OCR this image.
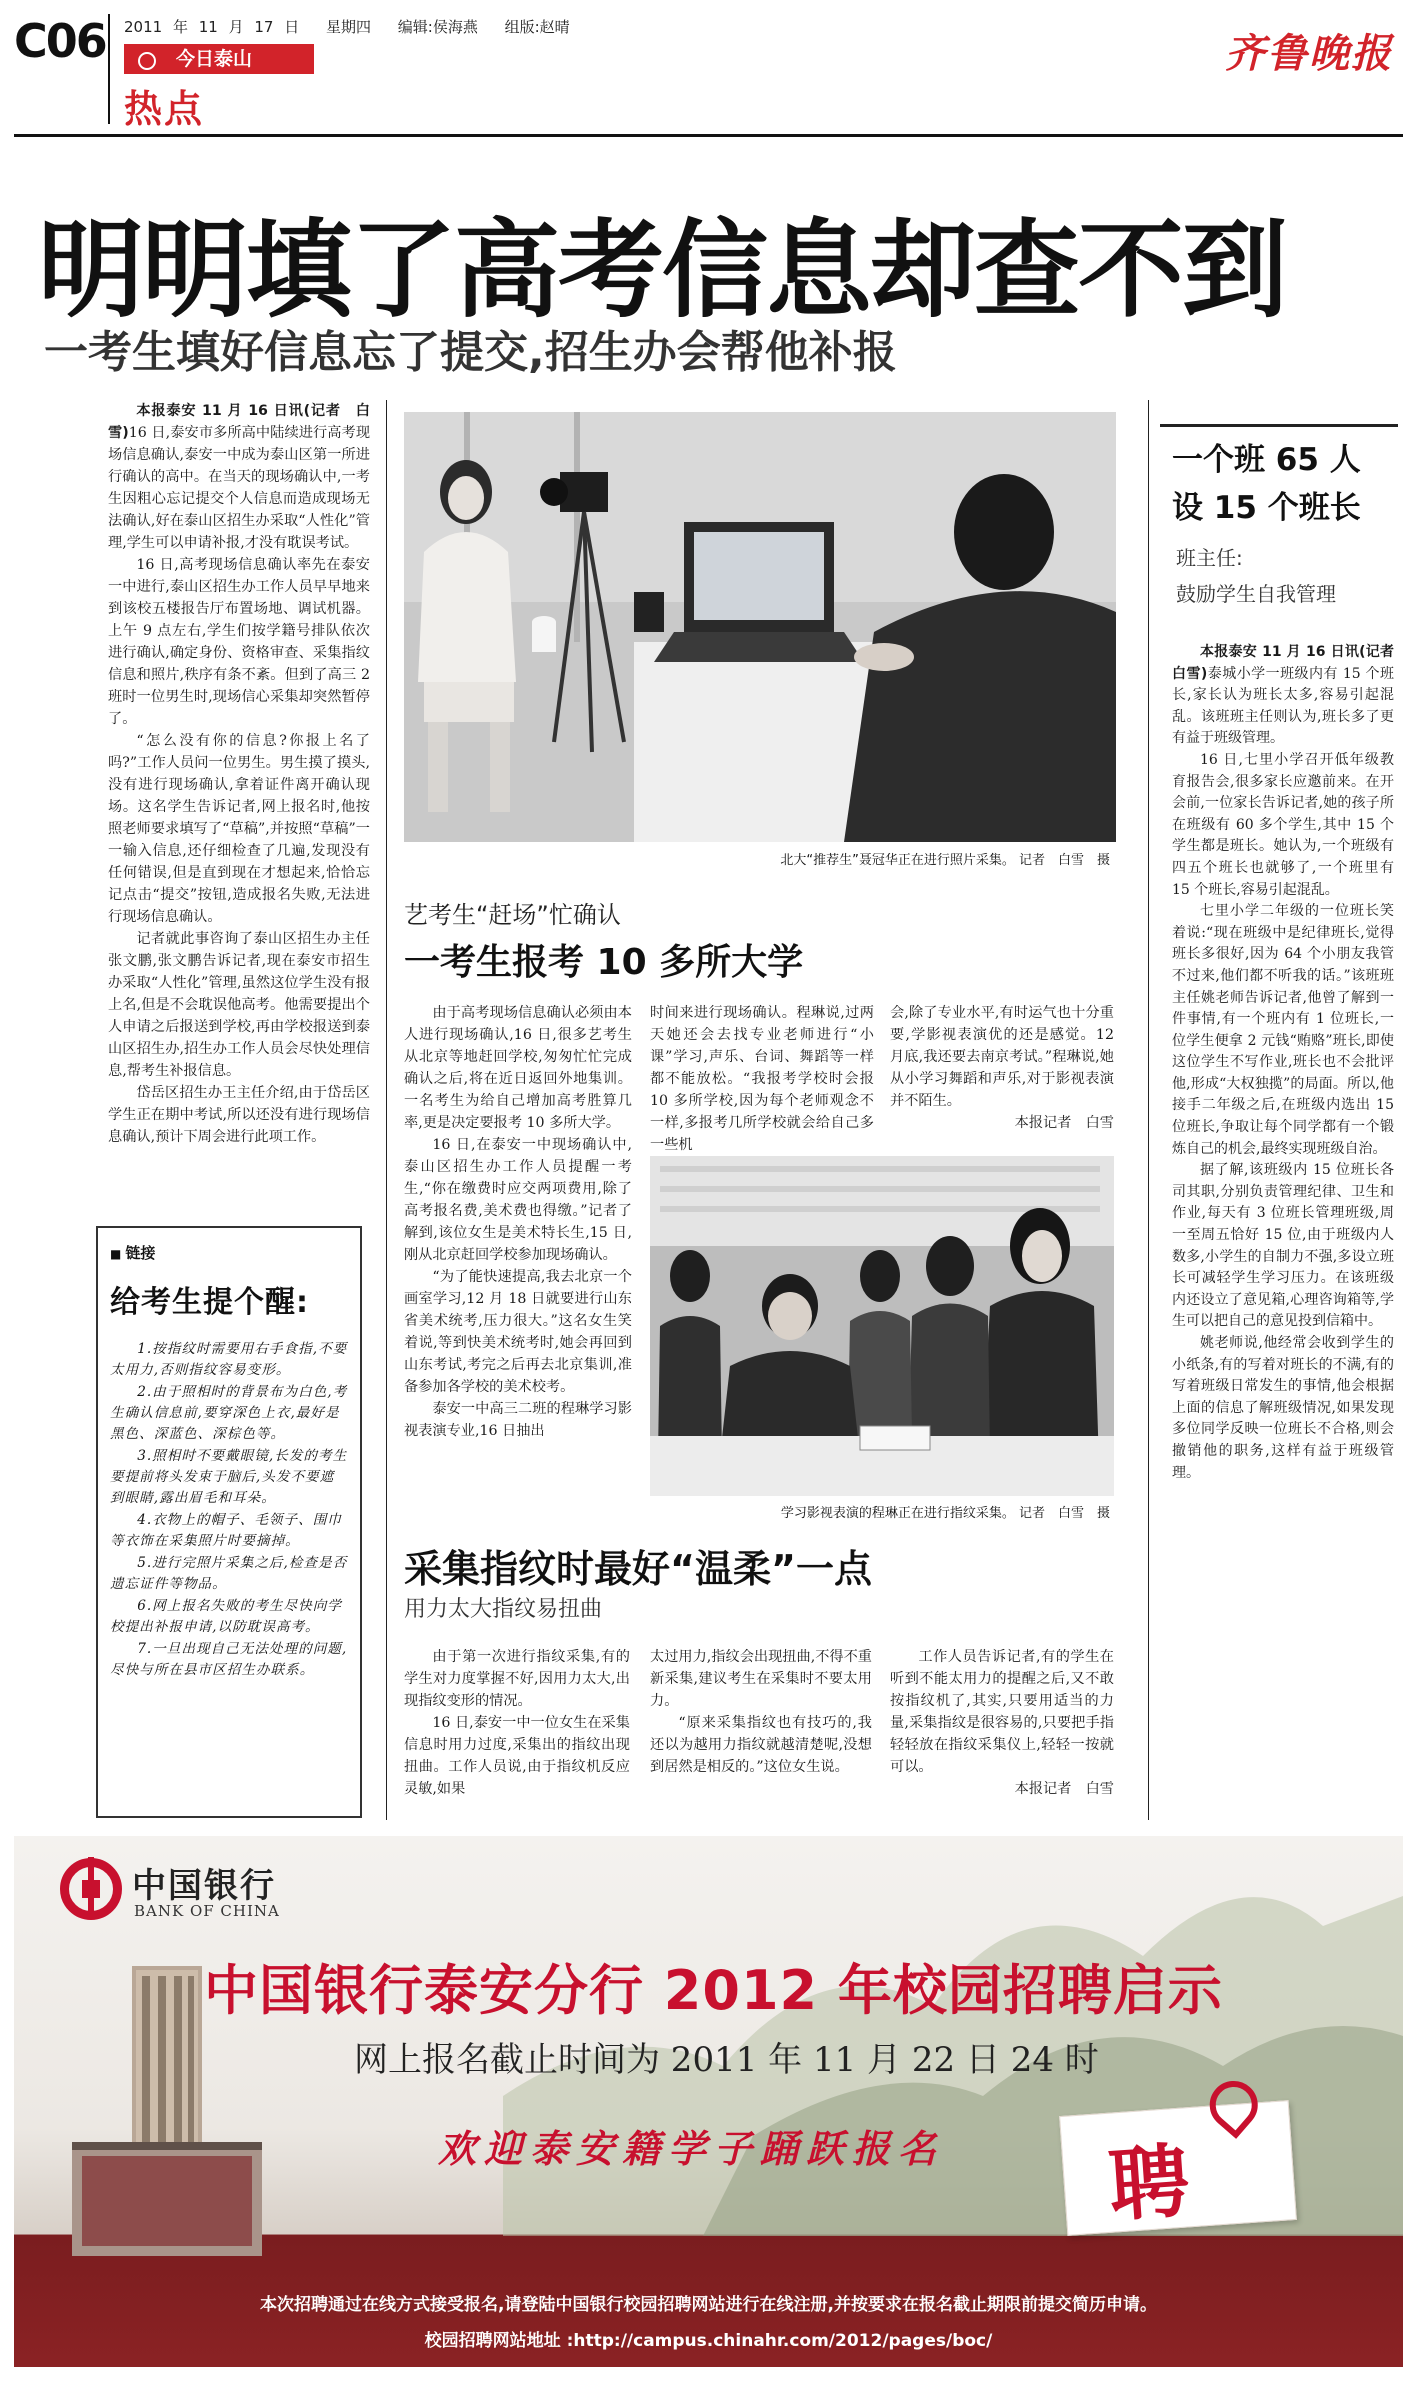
C06 2011 年 11 月 17 日 星期四 编辑:侯海燕 组版:赵晴
今日泰山
热点
齐鲁晚报
明明填了高考信息却查不到
一考生填好信息忘了提交,招生办会帮他补报

本报泰安 11 月 16 日讯(记者　白雪)16 日,泰安市多所高中陆续进行高考现场信息确认,泰安一中成为泰山区第一所进行确认的高中。在当天的现场确认中,一考生因粗心忘记提交个人信息而造成现场无法确认,好在泰山区招生办采取“人性化”管理,学生可以申请补报,才没有耽误考试。

16 日,高考现场信息确认率先在泰安一中进行,泰山区招生办工作人员早早地来到该校五楼报告厅布置场地、调试机器。上午 9 点左右,学生们按学籍号排队依次进行确认,确定身份、资格审查、采集指纹信息和照片,秩序有条不紊。但到了高三 2 班时一位男生时,现场信心采集却突然暂停了。

“怎么没有你的信息?你报上名了吗?”工作人员问一位男生。男生摸了摸头,没有进行现场确认,拿着证件离开确认现场。这名学生告诉记者,网上报名时,他按照老师要求填写了“草稿”,并按照“草稿”一一输入信息,还仔细检查了几遍,发现没有任何错误,但是直到现在才想起来,恰恰忘记点击“提交”按钮,造成报名失败,无法进行现场信息确认。

记者就此事咨询了泰山区招生办主任张文鹏,张文鹏告诉记者,现在泰安市招生办采取“人性化”管理,虽然这位学生没有报上名,但是不会耽误他高考。他需要提出个人申请之后报送到学校,再由学校报送到泰山区招生办,招生办工作人员会尽快处理信息,帮考生补报信息。

岱岳区招生办王主任介绍,由于岱岳区学生正在期中考试,所以还没有进行现场信息确认,预计下周会进行此项工作。

■ 链接
给考生提个醒:
1.按指纹时需要用右手食指,不要太用力,否则指纹容易变形。
2.由于照相时的背景布为白色,考生确认信息前,要穿深色上衣,最好是黑色、深蓝色、深棕色等。
3.照相时不要戴眼镜,长发的考生要提前将头发束于脑后,头发不要遮到眼睛,露出眉毛和耳朵。
4.衣物上的帽子、毛领子、围巾等衣饰在采集照片时要摘掉。
5.进行完照片采集之后,检查是否遗忘证件等物品。
6.网上报名失败的考生尽快向学校提出补报申请,以防耽误高考。
7.一旦出现自己无法处理的问题,尽快与所在县市区招生办联系。
北大“推荐生”聂冠华正在进行照片采集。 记者　白雪　摄
艺考生“赶场”忙确认
一考生报考 10 多所大学

由于高考现场信息确认必须由本人进行现场确认,16 日,很多艺考生从北京等地赶回学校,匆匆忙忙完成确认之后,将在近日返回外地集训。一名考生为给自己增加高考胜算几率,更是决定要报考 10 多所大学。

16 日,在泰安一中现场确认中,泰山区招生办工作人员提醒一考生,“你在缴费时应交两项费用,除了高考报名费,美术费也得缴。”记者了解到,该位女生是美术特长生,15 日,刚从北京赶回学校参加现场确认。

“为了能快速提高,我去北京一个画室学习,12 月 18 日就要进行山东省美术统考,压力很大。”这名女生笑着说,等到快美术统考时,她会再回到山东考试,考完之后再去北京集训,准备参加各学校的美术校考。

泰安一中高三二班的程琳学习影视表演专业,16 日抽出

时间来进行现场确认。程琳说,过两天她还会去找专业老师进行“小课”学习,声乐、台词、舞蹈等一样都不能放松。“我报考学校时会报 10 多所学校,因为每个老师观念不一样,多报考几所学校就会给自己多一些机

会,除了专业水平,有时运气也十分重要,学影视表演优的还是感觉。12 月底,我还要去南京考试。”程琳说,她从小学习舞蹈和声乐,对于影视表演并不陌生。

本报记者　白雪

学习影视表演的程琳正在进行指纹采集。 记者　白雪　摄
采集指纹时最好“温柔”一点
用力太大指纹易扭曲

由于第一次进行指纹采集,有的学生对力度掌握不好,因用力太大,出现指纹变形的情况。

16 日,泰安一中一位女生在采集信息时用力过度,采集出的指纹出现扭曲。工作人员说,由于指纹机反应灵敏,如果

太过用力,指纹会出现扭曲,不得不重新采集,建议考生在采集时不要太用力。

“原来采集指纹也有技巧的,我还以为越用力指纹就越清楚呢,没想到居然是相反的。”这位女生说。

工作人员告诉记者,有的学生在听到不能太用力的提醒之后,又不敢按指纹机了,其实,只要用适当的力量,采集指纹是很容易的,只要把手指轻轻放在指纹采集仪上,轻轻一按就可以。

本报记者　白雪

一个班 65 人
设 15 个班长
班主任:
鼓励学生自我管理

本报泰安 11 月 16 日讯(记者　白雪)泰城小学一班级内有 15 个班长,家长认为班长太多,容易引起混乱。该班班主任则认为,班长多了更有益于班级管理。

16 日,七里小学召开低年级教育报告会,很多家长应邀前来。在开会前,一位家长告诉记者,她的孩子所在班级有 60 多个学生,其中 15 个学生都是班长。她认为,一个班级有四五个班长也就够了,一个班里有 15 个班长,容易引起混乱。

七里小学二年级的一位班长笑着说:“现在班级中是纪律班长,觉得班长多很好,因为 64 个小朋友我管不过来,他们都不听我的话。”该班班主任姚老师告诉记者,他曾了解到一件事情,有一个班内有 1 位班长,一位学生便拿 2 元钱“贿赂”班长,即使这位学生不写作业,班长也不会批评他,形成“大权独揽”的局面。所以,他接手二年级之后,在班级内选出 15 位班长,争取让每个同学都有一个锻炼自己的机会,最终实现班级自治。

据了解,该班级内 15 位班长各司其职,分别负责管理纪律、卫生和作业,每天有 3 位班长管理班级,周一至周五恰好 15 位,由于班级内人数多,小学生的自制力不强,多设立班长可减轻学生学习压力。在该班级内还设立了意见箱,心理咨询箱等,学生可以把自己的意见投到信箱中。

姚老师说,他经常会收到学生的小纸条,有的写着对班长的不满,有的写着班级日常发生的事情,他会根据上面的信息了解班级情况,如果发现多位同学反映一位班长不合格,则会撤销他的职务,这样有益于班级管理。

中国银行
BANK OF CHINA
中国银行泰安分行 2012 年校园招聘启示
网上报名截止时间为 2011 年 11 月 22 日 24 时
欢迎泰安籍学子踊跃报名 聘
本次招聘通过在线方式接受报名,请登陆中国银行校园招聘网站进行在线注册,并按要求在报名截止期限前提交简历申请。
校园招聘网站地址 :http://campus.chinahr.com/2012/pages/boc/
